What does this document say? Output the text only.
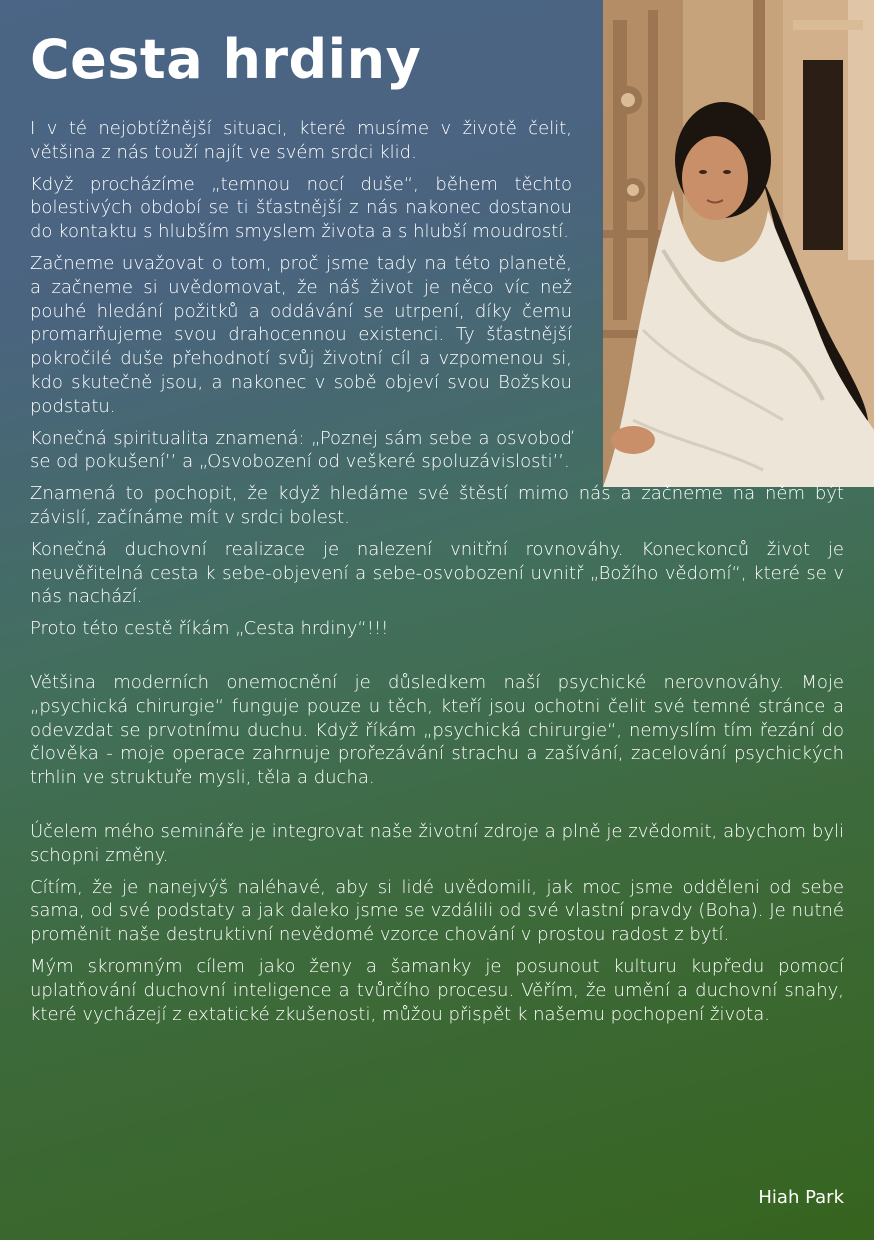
Cesta hrdiny

I v té nejobtížnější situaci, které musíme v životě čelit, většina z nás touží najít ve svém srdci klid.

Když procházíme „temnou nocí duše“, během těchto bolestivých období se ti šťastnější z nás nakonec dostanou do kontaktu s hlubším smyslem života a s hlubší moudrostí.

Začneme uvažovat o tom, proč jsme tady na této planetě, a začneme si uvědomovat, že náš život je něco víc než pouhé hledání požitků a oddávání se utrpení, díky čemu promarňujeme svou drahocennou existenci. Ty šťastnější pokročilé duše přehodnotí svůj životní cíl a vzpomenou si, kdo skutečně jsou, a nakonec v sobě objeví svou Božskou podstatu.

Konečná spiritualita znamená: „Poznej sám sebe a osvoboď se od pokušení’’ a „Osvobození od veškeré spoluzávislosti’’.

Znamená to pochopit, že když hledáme své štěstí mimo nás a začneme na něm být závislí, začínáme mít v srdci bolest.

Konečná duchovní realizace je nalezení vnitřní rovnováhy. Koneckonců život je neuvěřitelná cesta k sebe-objevení a sebe-osvobození uvnitř „Božího vědomí“, které se v nás nachází.

Proto této cestě říkám „Cesta hrdiny“!!!

Většina moderních onemocnění je důsledkem naší psychické nerovnováhy. Moje „psychická chirurgie“ funguje pouze u těch, kteří jsou ochotni čelit své temné stránce a odevzdat se prvotnímu duchu. Když říkám „psychická chirurgie“, nemyslím tím řezání do člověka - moje operace zahrnuje prořezávání strachu a zašívání, zacelování psychických trhlin ve struktuře mysli, těla a ducha.

Účelem mého semináře je integrovat naše životní zdroje a plně je zvědomit, abychom byli schopni změny.

Cítím, že je nanejvýš naléhavé, aby si lidé uvědomili, jak moc jsme odděleni od sebe sama, od své podstaty a jak daleko jsme se vzdálili od své vlastní pravdy (Boha). Je nutné proměnit naše destruktivní nevědomé vzorce chování v prostou radost z bytí.

Mým skromným cílem jako ženy a šamanky je posunout kulturu kupředu pomocí uplatňování duchovní inteligence a tvůrčího procesu. Věřím, že umění a duchovní snahy, které vycházejí z extatické zkušenosti, můžou přispět k našemu pochopení života.

Hiah Park
